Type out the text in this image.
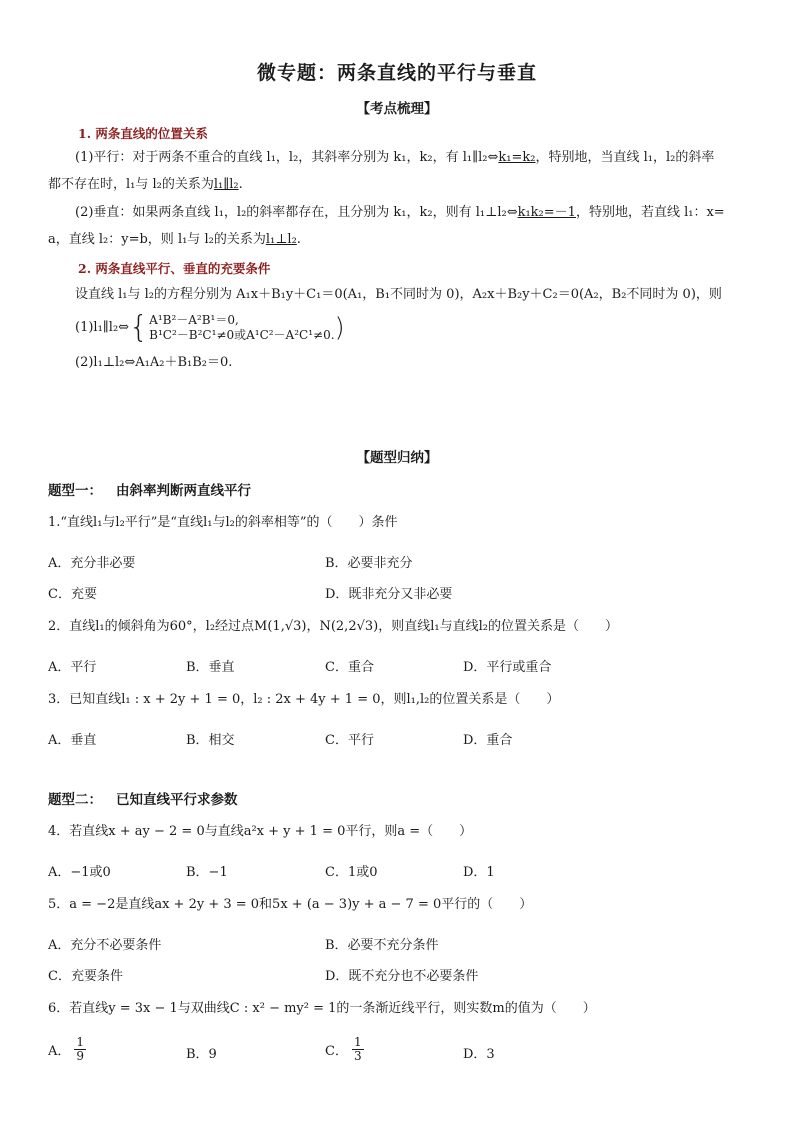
微专题：两条直线的平行与垂直
【考点梳理】
1. 两条直线的位置关系
(1)平行：对于两条不重合的直线 l₁，l₂，其斜率分别为 k₁，k₂，有 l₁∥l₂⇔k₁=k₂，特别地，当直线 l₁，l₂的斜率
都不存在时，l₁与 l₂的关系为l₁∥l₂.
(2)垂直：如果两条直线 l₁，l₂的斜率都存在，且分别为 k₁，k₂，则有 l₁⊥l₂⇔k₁k₂=－1，特别地，若直线 l₁：x=
a，直线 l₂：y=b，则 l₁与 l₂的关系为l₁⊥l₂.
2. 两条直线平行、垂直的充要条件
设直线 l₁与 l₂的方程分别为 A₁x＋B₁y＋C₁＝0(A₁，B₁不同时为 0)，A₂x＋B₂y＋C₂＝0(A₂，B₂不同时为 0)，则
(1)l₁∥l₂⇔ { A¹B²－A²B¹＝0,
B¹C²－B²C¹≠0或A¹C²－A²C¹≠0. )
(2)l₁⊥l₂⇔A₁A₂＋B₁B₂＝0.
【题型归纳】
题型一： 由斜率判断两直线平行
1.“直线l₁与l₂平行”是“直线l₁与l₂的斜率相等”的（　　）条件
A．充分非必要	B．必要非充分
C．充要	D．既非充分又非必要
2．直线l₁的倾斜角为60°，l₂经过点M(1,√3)，N(2,2√3)，则直线l₁与直线l₂的位置关系是（　　）
A．平行	B．垂直	C．重合	D．平行或重合
3．已知直线l₁ : x + 2y + 1 = 0，l₂ : 2x + 4y + 1 = 0，则l₁,l₂的位置关系是（　　）
A．垂直	B．相交	C．平行	D．重合
题型二： 已知直线平行求参数
4．若直线x + ay − 2 = 0与直线a²x + y + 1 = 0平行，则a =（　　）
A．−1或0	B．−1	C．1或0	D．1
5．a = −2是直线ax + 2y + 3 = 0和5x + (a − 3)y + a − 7 = 0平行的（　　）
A．充分不必要条件	B．必要不充分条件
C．充要条件	D．既不充分也不必要条件
6．若直线y = 3x − 1与双曲线C : x² − my² = 1的一条渐近线平行，则实数m的值为（　　）
A． $\frac{1}{9}$	B．9	C． $\frac{1}{3}$	D．3
